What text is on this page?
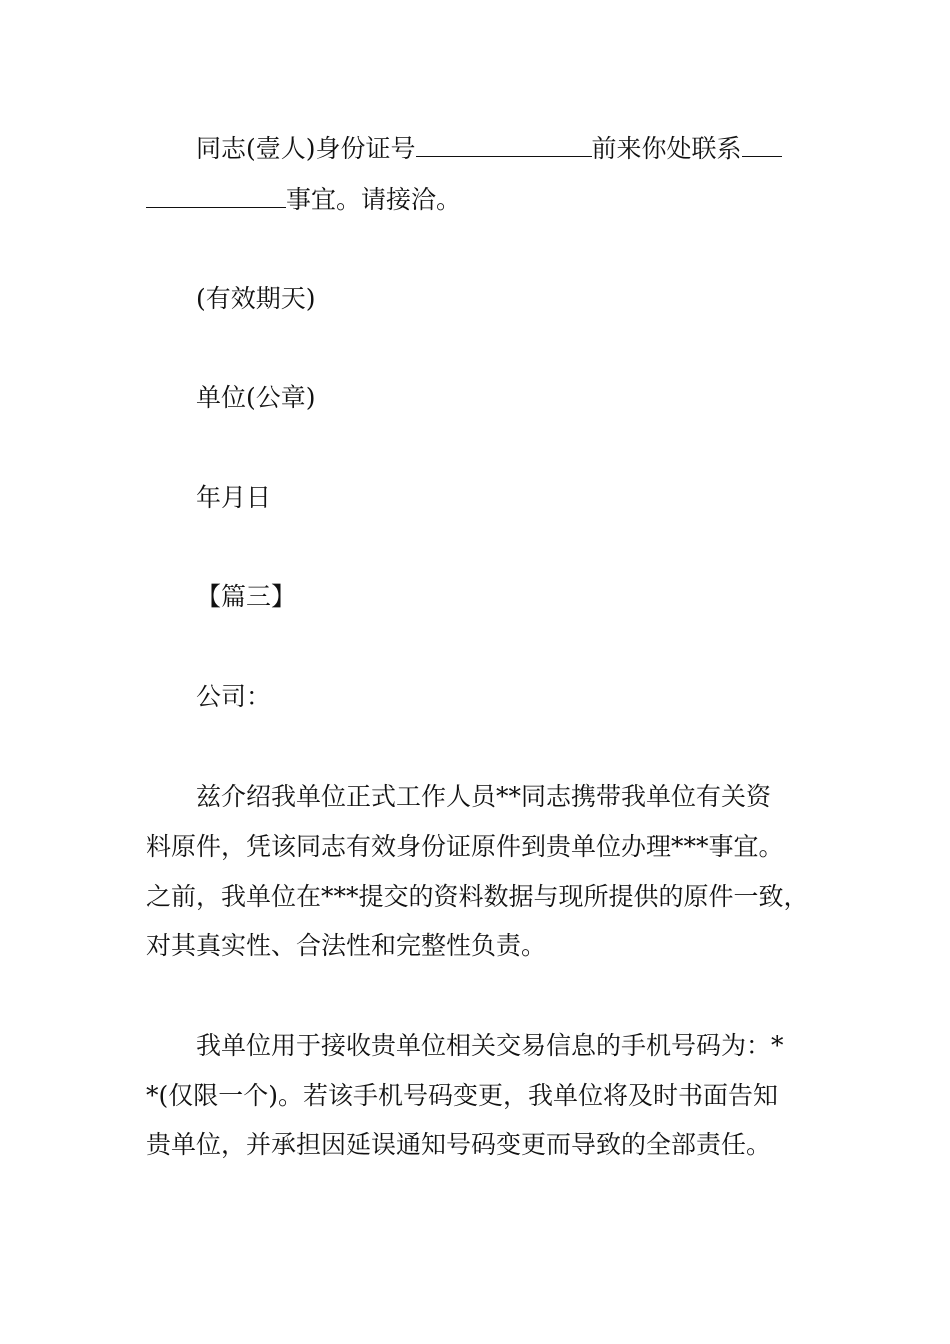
同志(壹人)身份证号	前来你处联系
事宜。请接洽。
(有效期天)
单位(公章)
年月日
【篇三】
公司：
兹介绍我单位正式工作人员**同志携带我单位有关资
料原件，凭该同志有效身份证原件到贵单位办理***事宜。
之前，我单位在***提交的资料数据与现所提供的原件一致，
对其真实性、合法性和完整性负责。
我单位用于接收贵单位相关交易信息的手机号码为：*
*(仅限一个)。若该手机号码变更，我单位将及时书面告知
贵单位，并承担因延误通知号码变更而导致的全部责任。
